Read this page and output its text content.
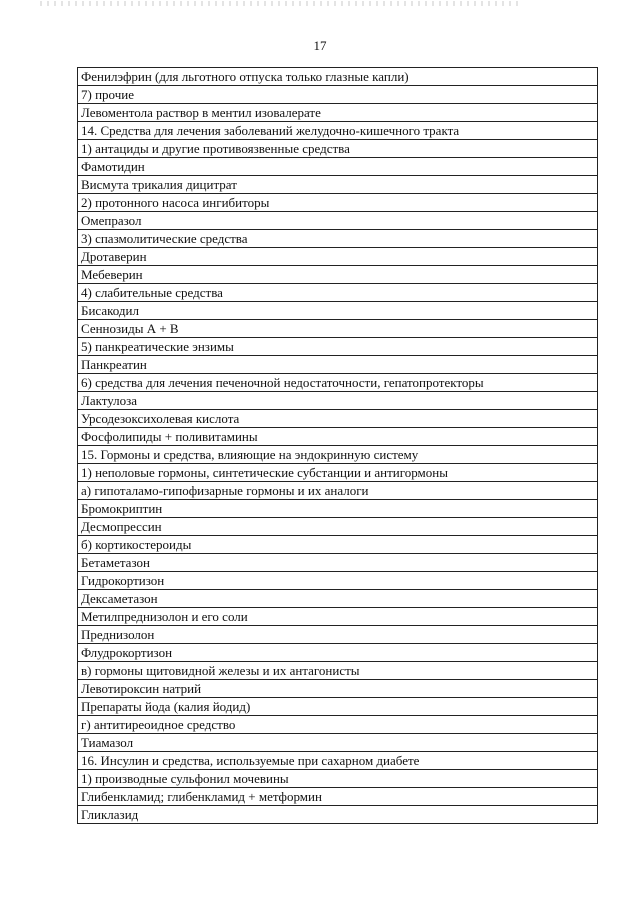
17
Фенилэфрин (для льготного отпуска только глазные капли)
7) прочие
Левоментола раствор в ментил изовалерате
14. Средства для лечения заболеваний желудочно-кишечного тракта
1) антациды и другие противоязвенные средства
Фамотидин
Висмута трикалия дицитрат
2) протонного насоса ингибиторы
Омепразол
3) спазмолитические средства
Дротаверин
Мебеверин
4) слабительные средства
Бисакодил
Сеннозиды А + В
5) панкреатические энзимы
Панкреатин
6) средства для лечения печеночной недостаточности, гепатопротекторы
Лактулоза
Урсодезоксихолевая кислота
Фосфолипиды + поливитамины
15. Гормоны и средства, влияющие на эндокринную систему
1) неполовые гормоны, синтетические субстанции и антигормоны
а) гипоталамо-гипофизарные гормоны и их аналоги
Бромокриптин
Десмопрессин
б) кортикостероиды
Бетаметазон
Гидрокортизон
Дексаметазон
Метилпреднизолон и его соли
Преднизолон
Флудрокортизон
в) гормоны щитовидной железы и их антагонисты
Левотироксин натрий
Препараты йода (калия йодид)
г) антитиреоидное средство
Тиамазол
16. Инсулин и средства, используемые при сахарном диабете
1) производные сульфонил мочевины
Глибенкламид; глибенкламид + метформин
Гликлазид
